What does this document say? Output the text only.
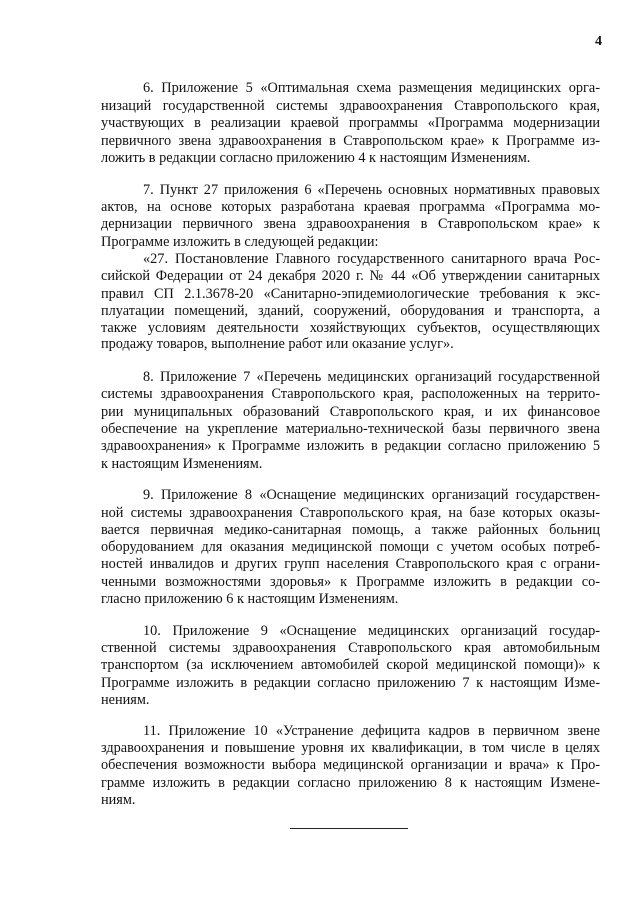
4
6. Приложение 5 «Оптимальная схема размещения медицинских орга-
низаций государственной системы здравоохранения Ставропольского края,
участвующих в реализации краевой программы «Программа модернизации
первичного звена здравоохранения в Ставропольском крае» к Программе из-
ложить в редакции согласно приложению 4 к настоящим Изменениям.
7. Пункт 27 приложения 6 «Перечень основных нормативных правовых
актов, на основе которых разработана краевая программа «Программа мо-
дернизации первичного звена здравоохранения в Ставропольском крае» к
Программе изложить в следующей редакции:
«27. Постановление Главного государственного санитарного врача Рос-
сийской Федерации от 24 декабря 2020 г. № 44 «Об утверждении санитарных
правил СП 2.1.3678-20 «Санитарно-эпидемиологические требования к экс-
плуатации помещений, зданий, сооружений, оборудования и транспорта, а
также условиям деятельности хозяйствующих субъектов, осуществляющих
продажу товаров, выполнение работ или оказание услуг».
8. Приложение 7 «Перечень медицинских организаций государственной
системы здравоохранения Ставропольского края, расположенных на террито-
рии муниципальных образований Ставропольского края, и их финансовое
обеспечение на укрепление материально-технической базы первичного звена
здравоохранения» к Программе изложить в редакции согласно приложению 5
к настоящим Изменениям.
9. Приложение 8 «Оснащение медицинских организаций государствен-
ной системы здравоохранения Ставропольского края, на базе которых оказы-
вается первичная медико-санитарная помощь, а также районных больниц
оборудованием для оказания медицинской помощи с учетом особых потреб-
ностей инвалидов и других групп населения Ставропольского края с ограни-
ченными возможностями здоровья» к Программе изложить в редакции со-
гласно приложению 6 к настоящим Изменениям.
10. Приложение 9 «Оснащение медицинских организаций государ-
ственной системы здравоохранения Ставропольского края автомобильным
транспортом (за исключением автомобилей скорой медицинской помощи)» к
Программе изложить в редакции согласно приложению 7 к настоящим Изме-
нениям.
11. Приложение 10 «Устранение дефицита кадров в первичном звене
здравоохранения и повышение уровня их квалификации, в том числе в целях
обеспечения возможности выбора медицинской организации и врача» к Про-
грамме изложить в редакции согласно приложению 8 к настоящим Измене-
ниям.
